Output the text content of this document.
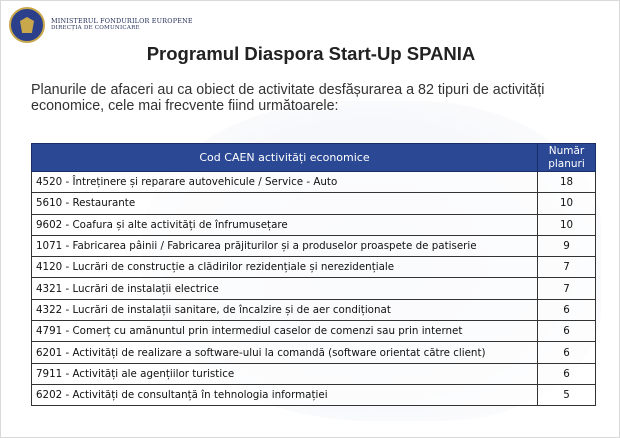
MINISTERUL FONDURILOR EUROPENE
DIRECȚIA DE COMUNICARE
Programul Diaspora Start-Up SPANIA

Planurile de afaceri au ca obiect de activitate desfășurarea a 82 tipuri de activități economice, cele mai frecvente fiind următoarele:

Cod CAEN activități economice	Număr planuri
4520 - Întreținere și reparare autovehicule / Service - Auto	18
5610 - Restaurante	10
9602 - Coafura și alte activități de înfrumusețare	10
1071 - Fabricarea pâinii / Fabricarea prăjiturilor și a produselor proaspete de patiserie	9
4120 - Lucrări de construcție a clădirilor rezidențiale și nerezidențiale	7
4321 - Lucrări de instalații electrice	7
4322 - Lucrări de instalații sanitare, de încalzire și de aer condiționat	6
4791 - Comerț cu amănuntul prin intermediul caselor de comenzi sau prin internet	6
6201 - Activități de realizare a software-ului la comandă (software orientat către client)	6
7911 - Activități ale agențiilor turistice	6
6202 - Activități de consultanță în tehnologia informației	5
